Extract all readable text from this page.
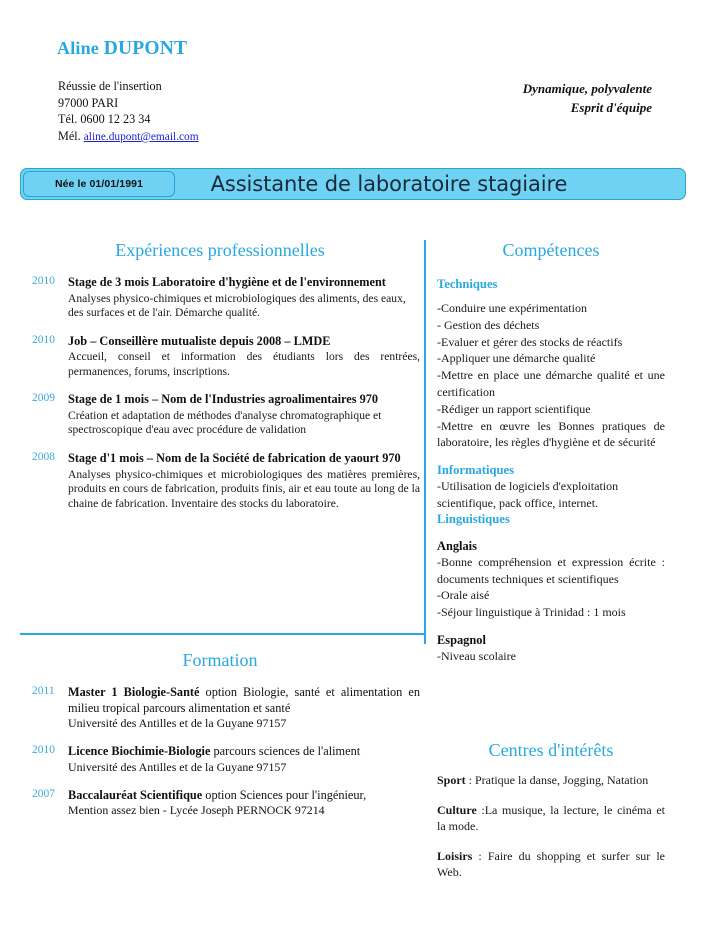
Aline DUPONT
Réussie de l'insertion
97000 PARI
Tél. 0600 12 23 34
Mél. aline.dupont@email.com
Dynamique, polyvalente
Esprit d'équipe
Assistante de laboratoire stagiaire
Née le 01/01/1991
Expériences professionnelles
2010 Stage de 3 mois Laboratoire d'hygiène et de l'environnement
Analyses physico-chimiques et microbiologiques des aliments, des eaux, des surfaces et de l'air. Démarche qualité.
2010 Job – Conseillère mutualiste depuis 2008 – LMDE
Accueil, conseil et information des étudiants lors des rentrées, permanences, forums, inscriptions.
2009 Stage de 1 mois – Nom de l'Industries agroalimentaires 970
Création et adaptation de méthodes d'analyse chromatographique et spectroscopique d'eau avec procédure de validation
2008 Stage d'1 mois – Nom de la Société de fabrication de yaourt 970
Analyses physico-chimiques et microbiologiques des matières premières, produits en cours de fabrication, produits finis, air et eau toute au long de la chaine de fabrication. Inventaire des stocks du laboratoire.
Formation
2011 Master 1 Biologie-Santé option Biologie, santé et alimentation en milieu tropical parcours alimentation et santé
Université des Antilles et de la Guyane 97157
2010 Licence Biochimie-Biologie parcours sciences de l'aliment
Université des Antilles et de la Guyane 97157
2007 Baccalauréat Scientifique option Sciences pour l'ingénieur,
Mention assez bien - Lycée Joseph PERNOCK 97214
Compétences
Techniques
-Conduire une expérimentation
- Gestion des déchets
-Evaluer et gérer des stocks de réactifs
-Appliquer une démarche qualité
-Mettre en place une démarche qualité et une certification
-Rédiger un rapport scientifique
-Mettre en œuvre les Bonnes pratiques de laboratoire, les règles d'hygiène et de sécurité
Informatiques
-Utilisation de logiciels d'exploitation scientifique, pack office, internet.
Linguistiques
Anglais
-Bonne compréhension et expression écrite : documents techniques et scientifiques
-Orale aisé
-Séjour linguistique à Trinidad : 1 mois
Espagnol
-Niveau scolaire
Centres d'intérêts
Sport : Pratique la danse, Jogging, Natation
Culture :La musique, la lecture, le cinéma et la mode.
Loisirs : Faire du shopping et surfer sur le Web.
